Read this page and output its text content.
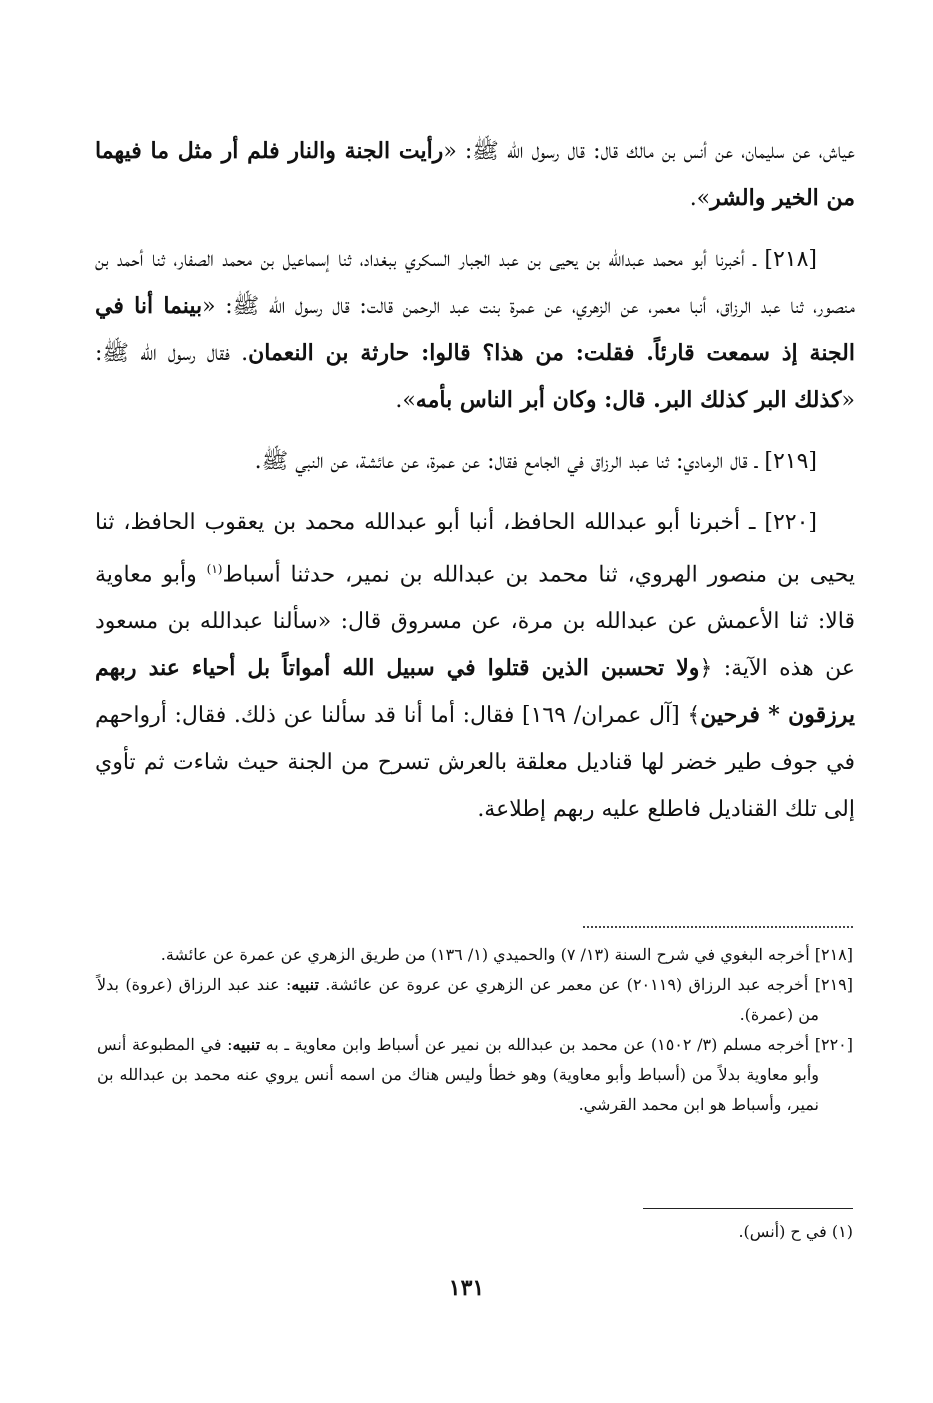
عياش، عن سليمان، عن أنس بن مالك قال: قال رسول الله ﷺ: «رأيت الجنة والنار فلم أر مثل ما فيهما من الخير والشر».

[٢١٨] ـ أخبرنا أبو محمد عبدالله بن يحيى بن عبد الجبار السكري ببغداد، ثنا إسماعيل بن محمد الصفار، ثنا أحمد بن منصور، ثنا عبد الرزاق، أنبا معمر، عن الزهري، عن عمرة بنت عبد الرحمن قالت: قال رسول الله ﷺ: «بينما أنا في الجنة إذ سمعت قارئاً. فقلت: من هذا؟ قالوا: حارثة بن النعمان. فقال رسول الله ﷺ: «كذلك البر كذلك البر. قال: وكان أبر الناس بأمه».

[٢١٩] ـ قال الرمادي: ثنا عبد الرزاق في الجامع فقال: عن عمرة، عن عائشة، عن النبي ﷺ.

[٢٢٠] ـ أخبرنا أبو عبدالله الحافظ، أنبا أبو عبدالله محمد بن يعقوب الحافظ، ثنا يحيى بن منصور الهروي، ثنا محمد بن عبدالله بن نمير، حدثنا أسباط$^{(١)}$ وأبو معاوية قالا: ثنا الأعمش عن عبدالله بن مرة، عن مسروق قال: «سألنا عبدالله بن مسعود عن هذه الآية: ﴿ولا تحسبن الذين قتلوا في سبيل الله أمواتاً بل أحياء عند ربهم يرزقون * فرحين﴾ [آل عمران/ ١٦٩] فقال: أما أنا قد سألنا عن ذلك. فقال: أرواحهم في جوف طير خضر لها قناديل معلقة بالعرش تسرح من الجنة حيث شاءت ثم تأوي إلى تلك القناديل فاطلع عليه ربهم إطلاعة.

[٢١٨] أخرجه البغوي في شرح السنة (١٣/ ٧) والحميدي (١/ ١٣٦) من طريق الزهري عن عمرة عن عائشة.

[٢١٩] أخرجه عبد الرزاق (٢٠١١٩) عن معمر عن الزهري عن عروة عن عائشة. تنبيه: عند عبد الرزاق (عروة) بدلاً من (عمرة).

[٢٢٠] أخرجه مسلم (٣/ ١٥٠٢) عن محمد بن عبدالله بن نمير عن أسباط وابن معاوية ـ به تنبيه: في المطبوعة أنس وأبو معاوية بدلاً من (أسباط وأبو معاوية) وهو خطأ وليس هناك من اسمه أنس يروي عنه محمد بن عبدالله بن نمير، وأسباط هو ابن محمد القرشي.

(١) في ح (أنس).
١٣١
